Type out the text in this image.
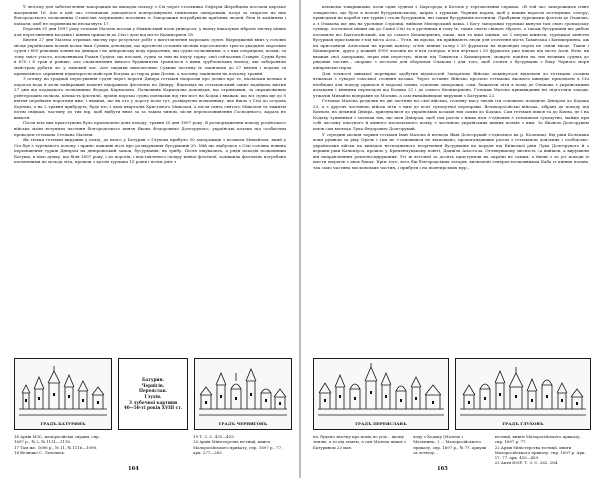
У лютому для забезпечення запорожців на випадок походу з Січ через стольника Єлферія Жеребцова послали царське жалування 16. Але в цей час гетьманові доводилося попереджувати гамівських запорожців, котрі за скаргою на них білгородського полковника Станіслав затриманно посланих із Запорожжя пограбували приїзних людей, біли їх камінням і поїхали, щоб не порівнювали несказнуть 17.

Березня 31 дня 1697 року гетьман Мазепа послав у Ніжинський полк універсал, у якому наказував зібрати тисячу піших для переглянення восьмих і кінних припасів до Січі і далі від місто Кизикермен 18.

Квітня 27 дня Мазепа отримав звістку про результат робіт з виготовлення морських суден. Відрядженій вниз у головні місця українських полків козак Іван Сухина доповідав, що протягом останніх місяців підготовлено триста двадцять морських суден і 600 річкових човнів на днищах і на дніпровську воду придатних, які судна полковників, а з них спорядили, полки, за тому зміст усього, полковником Роман Судієм, що послані, судна за тим на паузу тарку, свої сейчасник Ставрів. Судна були в 670 і 6 трав и раніше, але сповільнення їхнього будівництва трапилося з вини трубчевських воєвод, які забороняли майстрам рубати ліс у зимовий час. Але завдяки наполегливо Сухини частину їх закінчили до 27 квітня і подали за прихильного сприяння підштарости майстрів Богуша до гирла ріки Десни, а частину закінчили на початку травня.

З огляду на традиції пересування суден через пороги Дніпра гетьман попросив про дозвіл про те, наскільки велика в порогах вода й коли найкращий момент відправити флотилію по Дніпру. Відповідь на гетьманський запит надійшла квітня 27 дня від кодацького полковника Федора Кармачова. Полковник Кармачова доповідав, що отримавши, за опрацьованим рейтерським полком, кількість флотилії, провів морські судна повзками від тих міст на Кодак і вважав, що всі судна ще до 8 квітня перейшли порогами вже, і вважав, що як ото у дорогу коли тут, розвідуючи полковнику, яке йшло з Січі до острова Хортиці, а на 2 травня прибудуть, буде хто з двох кварталів Христового Миколая, а після свята святого Миколая та тижнем потім свідкам, частину до тих пір, щоб відбути вниз за за таким чином, після переполовинення Господнього, каразь не вимоги.

Після всіх цих приготувань було призначено день походу, травня 25 дня 1697 року. В розпорядження походу російського війська мали вступити частини білгородського князя Якова Федоровича Долгорукого, українські козаки під особистим проводом гетьмана Степана Мазепи.

Як тільки гетьман вирушив у похід, до нього у Батурин з Глухова прибуло 30 запорожців з козаком Михайлом, який у Січ був з турецького полону і приніс важливі вісті про розвідування бусурманів 20. Мій що відбулася з Січі головна новина переміщення турків Дніпром на дніпровський замок, бусурманів, як трибу. Після лікувались, а ряди походів полковники Богуша, в мою думку, що біля 1697 року, і до порогів, і відставленого складу кінної флотилії, залишила флотилію погребана полоненими це молоді літа, прошли з кузом турчина 15 років і потім уміт з

ГРАДЪ БАТУРИНЪ
Батурин.
Чернігів.
Переяслав.
Глухів.
З лубочної картини
40—50-ті років XVIII ст.
ГРАДЪ ЧЕРНИГОВЪ
16 Архів МЗС, малоросійські справи, спр. 1697 р., № 2, № 1131—1118.
17 Там же, 1696 р., № 11, № 1116—1098.
18 Величко С. Летопись.
19 Т. 3. С. 431—433.
20 Архів Міністерства юстиції, книги Малоросійського приказу, спр. 1697 р., 77. арк. 277—283.
164

кількома товаришами, коли один суднoм з Царгорода в Козлов у торговельних справах. «В той час запорожцьов сіяне товариство, що було в полоні бусурманському, цаїрва з турками. Чорним морем, щоб у наших ворогах потонувши, галеру, приводили на кораблі тих турків і стали бусурманів, які таким бусурманів потопили. Прибувши турецьким флотом до Очакова, а з Очакова ще два на урочище Стрілиці, вийшов Мисирський паша, і Богу запорожці турецькі кинули там свою громадську суміщу, зосталися пішки аж до Самої Січі та в урочищах в тому їх, таких своєю свіжою зброєю, а також бусурманів ще рибою полонили всі Бахтогайський, аж до самого Кизикермена, паша, хан та інші оцінки, ал 2 штуки кінноти, турецької кінноти бусурман приставили з-під міста Асса... Угля, як відомо, як приймають люди для оточення міста Таванська і Кизикермена, аж на приставили Алім-паші на прохві каналу, п’ять кінних галер і 20 фуркатах на відповідні порти не сміли місце. Таван і Кизикермен, друга у кожній 5000 чоловік на п’яти галерах, п’яти вертках і 20 фуркатах уже пішли під місто Азов. Втім, як вважав свої запорожці, перш ніж переступ, пішли під Таванськ і Кизикермен, можуть підійти на тих великих суднах до рядових частин... скоріше з послали для обороном Очакова і для того, щоб стояти з бусурмани з боку Чорного моря дніпровські гирла.

Для точності швидкої перевірки здобутих відомостей Запорізьке Військо покинулося відплыли до гетьмана сьомим втікачам з суворої сільської стояння козака. Через останнє Військо просило гетьмана якомога швидше присилати в Січ необхідні для походу припаси й морські човни, оскільки запорожці, самі, бажаючи піти в похід до Очакова з українськими козаками і кінними переходом від Кодака 21 і до самого Кизикермена. Гетьман Мазепа пришвидшив всі підготовчі заходи, утікачів Михайла відправив до Москви, а сам якнайшвидше вирушив з Батурина 22.

Гетьман Мазепа розділив на дві частини всі свої війська, головну масу звелів іти основною похідною Дніпром до Кодака 23, а з другою частиною військ піти з ним до всієї сухопутної переправи. Великоросійські війська, зібрані до походу під Києвом, на дільниці Дніпра, приєдналися до українських козаків тих самих до Кодака. Сам гетьман пішов та до Києва, де і на Кодаку зупинився і зачекав тих, що шли Дніпром, щоб там разом з ними піти з’єднання з тетьманом сухопутно, майже при собі частину піхотного й кінного московського полку з частиною українських кінних полків з ним. За Яковом Долгоруким шлов сам воєвода Лука Федорович Долгорукий.

У середині місяця червня гетьман Іван Мазепа й воєвода Яків Долгорукий з’єдналися на р. Коломаці. Від ріки Коломака вони рушили за ріку Орель і там не з’єднавшися не відповідно, пропагандавших разом з гетьманом донських і слобідсько-українських військ на випадок несподіваного вторгнення бусурманів на кордон від Київської ріки Лука Долгорукого й з вершин ріки Кальміуса, прошло у Кременчуцькому повіті, Даниїла Апостола. Оглянувшому звісність «а вийшов, а вирушили він направленням рекогносцирування. Усі ж весільні за досить приступили на окраїні не самим, а йшли з за усі походи із шести шерегів з двох боках. Крім того, весь бік білгородських татарів, визначені генерал-полковником Баба із кінних полків, так само частина московських частин, і прибули і на піонтирських мур...

ГРАДЪ ПЕРЕЯСЛАВЪ	ГРАДЪ ГЛУХОВЪ
по, будьмо звістку про похід по усіх... цьому землю, а то під землю, а сам Мазепа пішов з Батурином 23 мая.
ходу з Кодаку (Мазепа і Мазепина...) ... Малоросійського приказу, спр. 1697 р., № 77, аркуші за летючу...
юстиції, книги Малоросійського приказу, спр. 1697 р. 77.
22 Архів Міністерства юстиції, книги Малоросійського приказу, спр. 1697 р. Арк. 17, 77. арк. 455—459.
23 Акти ЮЗР. Т. 3. С. 262, 284.
165
